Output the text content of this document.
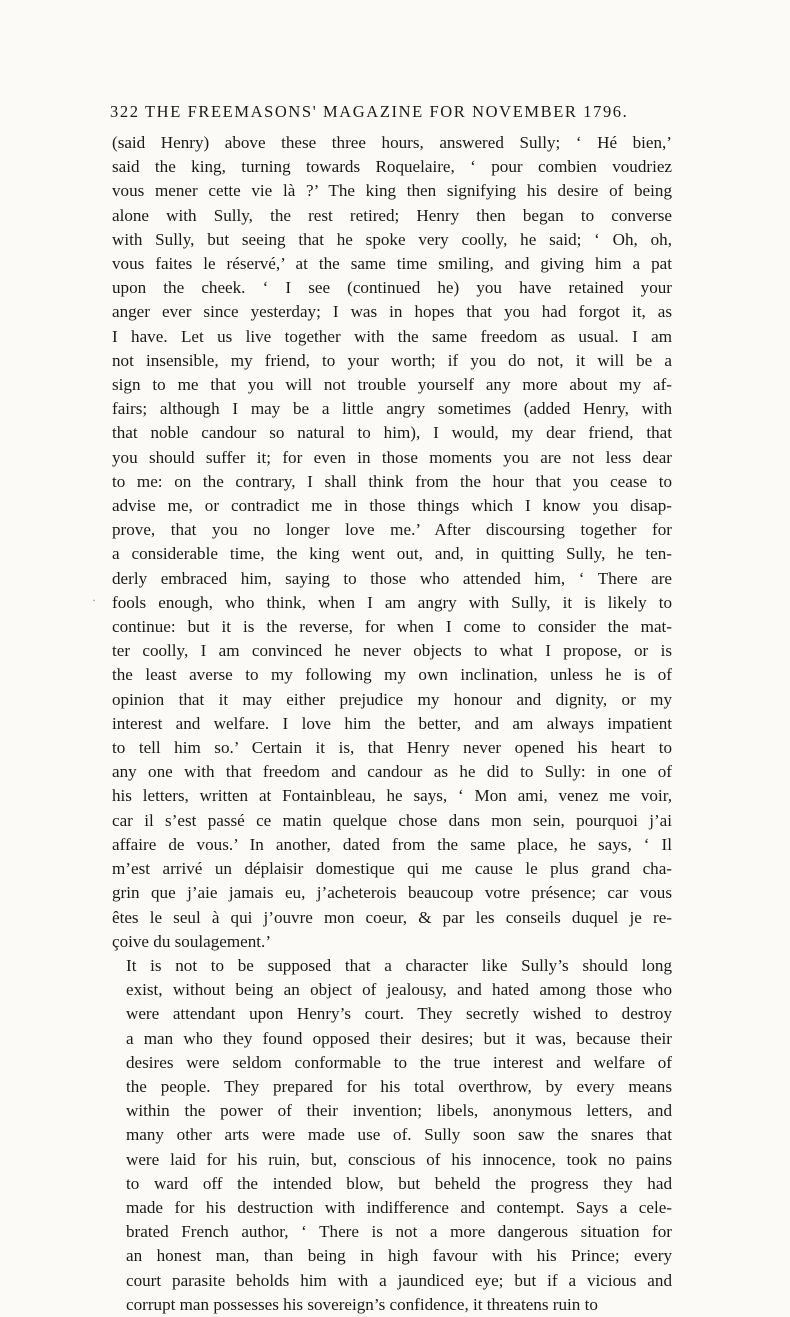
322 THE FREEMASONS' MAGAZINE FOR NOVEMBER 1796.
·

(said Henry) above these three hours, answered Sully; ‘ Hé bien,’
said the king, turning towards Roquelaire, ‘ pour combien voudriez
vous mener cette vie là ?’ The king then signifying his desire of being
alone with Sully, the rest retired; Henry then began to converse
with Sully, but seeing that he spoke very coolly, he said; ‘ Oh, oh,
vous faites le réservé,’ at the same time smiling, and giving him a pat
upon the cheek. ‘ I see (continued he) you have retained your
anger ever since yesterday; I was in hopes that you had forgot it, as
I have. Let us live together with the same freedom as usual. I am
not insensible, my friend, to your worth; if you do not, it will be a
sign to me that you will not trouble yourself any more about my af-
fairs; although I may be a little angry sometimes (added Henry, with
that noble candour so natural to him), I would, my dear friend, that
you should suffer it; for even in those moments you are not less dear
to me: on the contrary, I shall think from the hour that you cease to
advise me, or contradict me in those things which I know you disap-
prove, that you no longer love me.’ After discoursing together for
a considerable time, the king went out, and, in quitting Sully, he ten-
derly embraced him, saying to those who attended him, ‘ There are
fools enough, who think, when I am angry with Sully, it is likely to
continue: but it is the reverse, for when I come to consider the mat-
ter coolly, I am convinced he never objects to what I propose, or is
the least averse to my following my own inclination, unless he is of
opinion that it may either prejudice my honour and dignity, or my
interest and welfare. I love him the better, and am always impatient
to tell him so.’ Certain it is, that Henry never opened his heart to
any one with that freedom and candour as he did to Sully: in one of
his letters, written at Fontainbleau, he says, ‘ Mon ami, venez me voir,
car il s’est passé ce matin quelque chose dans mon sein, pourquoi j’ai
affaire de vous.’ In another, dated from the same place, he says, ‘ Il
m’est arrivé un déplaisir domestique qui me cause le plus grand cha-
grin que j’aie jamais eu, j’acheterois beaucoup votre présence; car vous
êtes le seul à qui j’ouvre mon coeur, & par les conseils duquel je re-
çoive du soulagement.’

It is not to be supposed that a character like Sully’s should long
exist, without being an object of jealousy, and hated among those who
were attendant upon Henry’s court. They secretly wished to destroy
a man who they found opposed their desires; but it was, because their
desires were seldom conformable to the true interest and welfare of
the people. They prepared for his total overthrow, by every means
within the power of their invention; libels, anonymous letters, and
many other arts were made use of. Sully soon saw the snares that
were laid for his ruin, but, conscious of his innocence, took no pains
to ward off the intended blow, but beheld the progress they had
made for his destruction with indifference and contempt. Says a cele-
brated French author, ‘ There is not a more dangerous situation for
an honest man, than being in high favour with his Prince; every
court parasite beholds him with a jaundiced eye; but if a vicious and
corrupt man possesses his sovereign’s confidence, it threatens ruin to
